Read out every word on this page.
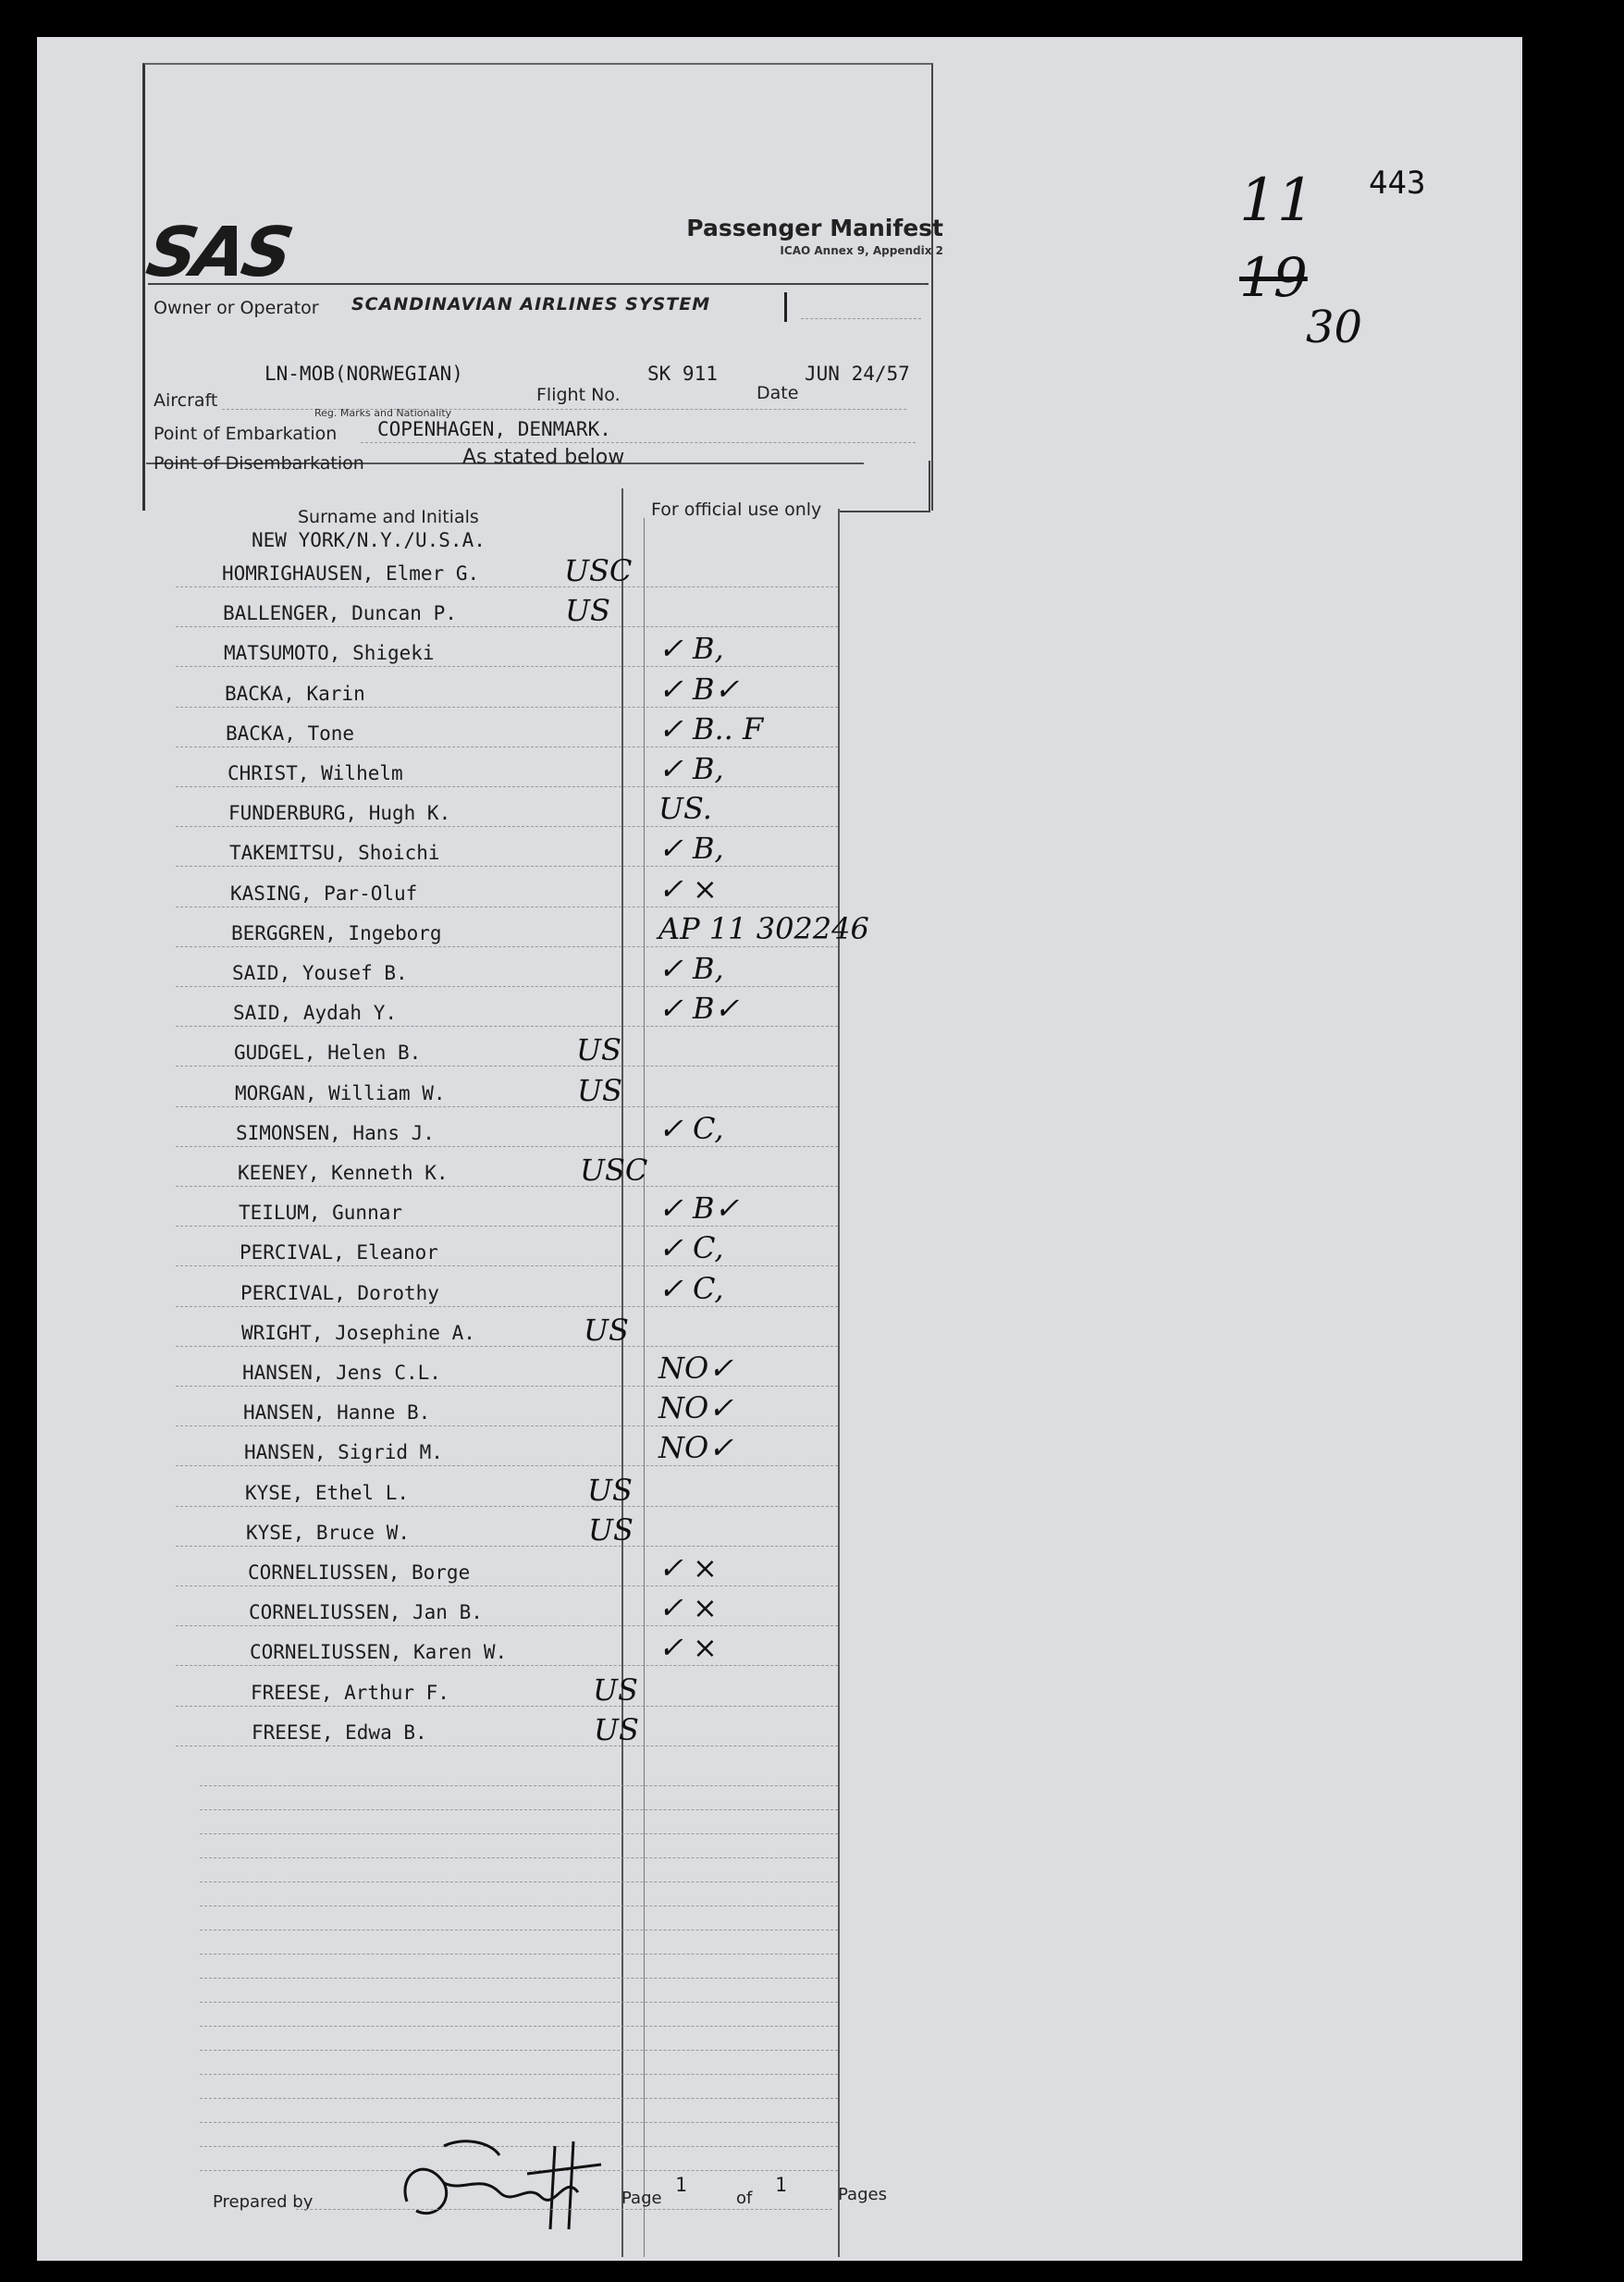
SAS	Passenger Manifest
ICAO Annex 9, Appendix 2
Owner or Operator SCANDINAVIAN AIRLINES SYSTEM
LN-MOB(NORWEGIAN)	SK 911	JUN 24/57
Aircraft	Flight No.	Date
Reg. Marks and Nationality
Point of Embarkation COPENHAGEN, DENMARK.
Point of Disembarkation	As stated below
11 443
19
30
Surname and Initials	For official use only
NEW YORK/N.Y./U.S.A.
HOMRIGHAUSEN, Elmer G.	USC
BALLENGER, Duncan P.	US
MATSUMOTO, Shigeki	✓ B,
BACKA, Karin	✓ B✓
BACKA, Tone	✓ B.. F
CHRIST, Wilhelm	✓ B,
FUNDERBURG, Hugh K.	US.
TAKEMITSU, Shoichi	✓ B,
KASING, Par-Oluf	✓ ×
BERGGREN, Ingeborg	AP 11 302246
SAID, Yousef B.	✓ B,
SAID, Aydah Y.	✓ B✓
GUDGEL, Helen B.	US
MORGAN, William W.	US
SIMONSEN, Hans J.	✓ C,
KEENEY, Kenneth K.	USC
TEILUM, Gunnar	✓ B✓
PERCIVAL, Eleanor	✓ C,
PERCIVAL, Dorothy	✓ C,
WRIGHT, Josephine A.	US
HANSEN, Jens C.L.	NO✓
HANSEN, Hanne B.	NO✓
HANSEN, Sigrid M.	NO✓
KYSE, Ethel L.	US
KYSE, Bruce W.	US
CORNELIUSSEN, Borge	✓ ×
CORNELIUSSEN, Jan B.	✓ ×
CORNELIUSSEN, Karen W.	✓ ×
FREESE, Arthur F.	US
FREESE, Edwa B.	US
Prepared by	Page
1
of
1	Pages
